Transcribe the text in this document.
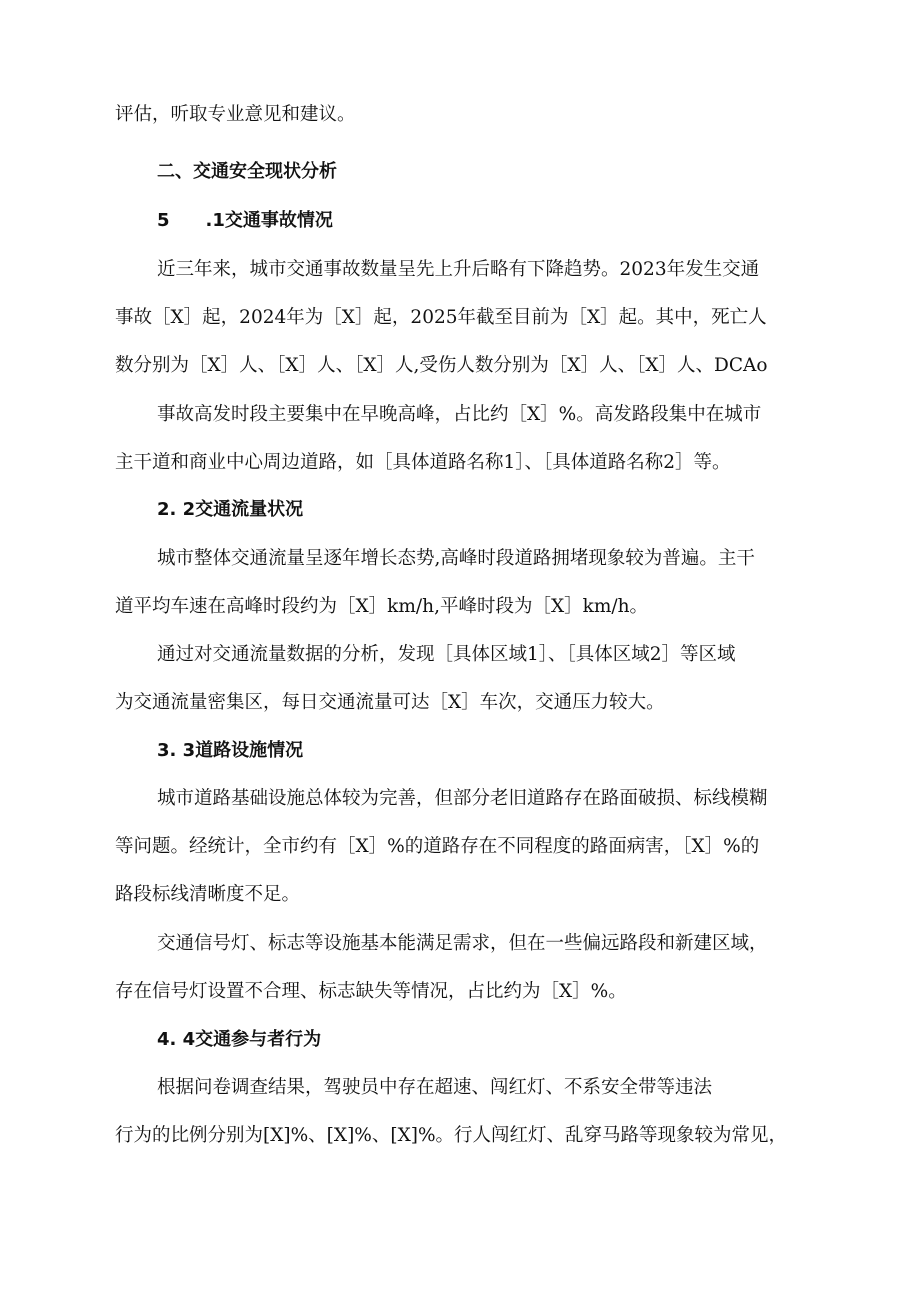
评估，听取专业意见和建议。
二、交通安全现状分析
5  .1交通事故情况
近三年来，城市交通事故数量呈先上升后略有下降趋势。2023年发生交通
事故［X］起，2024年为［X］起，2025年截至目前为［X］起。其中，死亡人
数分别为［X］人、［X］人、［X］人,受伤人数分别为［X］人、［X］人、DCAo
事故高发时段主要集中在早晚高峰，占比约［X］%。高发路段集中在城市
主干道和商业中心周边道路，如［具体道路名称1］、［具体道路名称2］等。
2. 2交通流量状况
城市整体交通流量呈逐年增长态势,高峰时段道路拥堵现象较为普遍。主干
道平均车速在高峰时段约为［X］km/h,平峰时段为［X］km/h。
通过对交通流量数据的分析，发现［具体区域1］、［具体区域2］等区域
为交通流量密集区，每日交通流量可达［X］车次，交通压力较大。
3. 3道路设施情况
城市道路基础设施总体较为完善，但部分老旧道路存在路面破损、标线模糊
等问题。经统计，全市约有［X］%的道路存在不同程度的路面病害，［X］%的
路段标线清晰度不足。
交通信号灯、标志等设施基本能满足需求，但在一些偏远路段和新建区域，
存在信号灯设置不合理、标志缺失等情况，占比约为［X］%。
4. 4交通参与者行为
根据问卷调查结果，驾驶员中存在超速、闯红灯、不系安全带等违法
行为的比例分别为[X]%、[X]%、[X]%。行人闯红灯、乱穿马路等现象较为常见，
